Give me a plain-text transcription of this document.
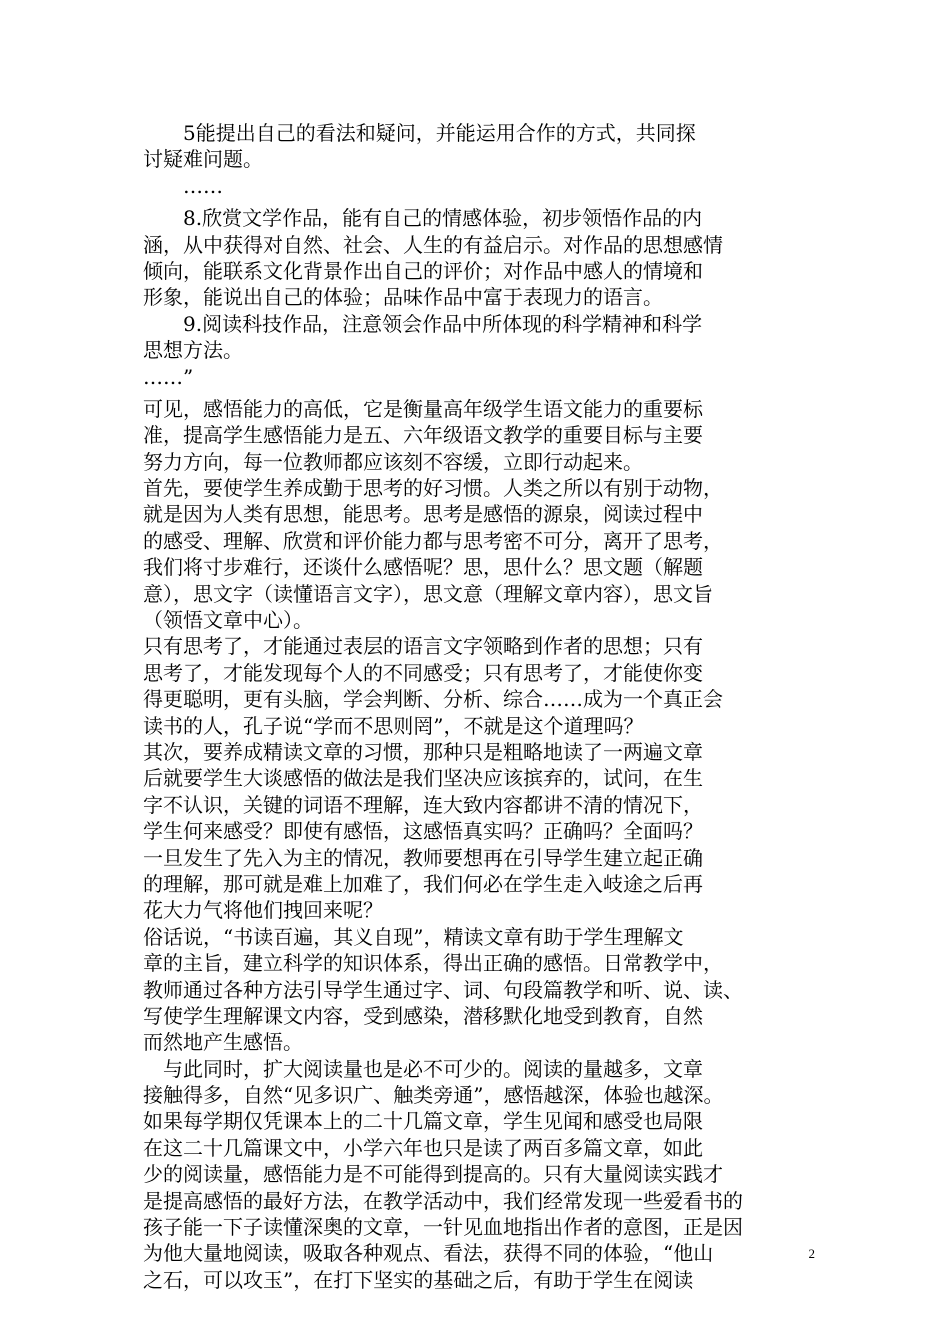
　　5能提出自己的看法和疑问，并能运用合作的方式，共同探
讨疑难问题。
　　……
　　8.欣赏文学作品，能有自己的情感体验，初步领悟作品的内
涵，从中获得对自然、社会、人生的有益启示。对作品的思想感情
倾向，能联系文化背景作出自己的评价；对作品中感人的情境和
形象，能说出自己的体验；品味作品中富于表现力的语言。
　　9.阅读科技作品，注意领会作品中所体现的科学精神和科学
思想方法。
……”
可见，感悟能力的高低，它是衡量高年级学生语文能力的重要标
准，提高学生感悟能力是五、六年级语文教学的重要目标与主要
努力方向，每一位教师都应该刻不容缓，立即行动起来。
首先，要使学生养成勤于思考的好习惯。人类之所以有别于动物，
就是因为人类有思想，能思考。思考是感悟的源泉，阅读过程中
的感受、理解、欣赏和评价能力都与思考密不可分，离开了思考，
我们将寸步难行，还谈什么感悟呢？思，思什么？思文题（解题
意），思文字（读懂语言文字），思文意（理解文章内容），思文旨
（领悟文章中心）。
只有思考了，才能通过表层的语言文字领略到作者的思想；只有
思考了，才能发现每个人的不同感受；只有思考了，才能使你变
得更聪明，更有头脑，学会判断、分析、综合……成为一个真正会
读书的人，孔子说“学而不思则罔”，不就是这个道理吗？
其次，要养成精读文章的习惯，那种只是粗略地读了一两遍文章
后就要学生大谈感悟的做法是我们坚决应该摈弃的，试问，在生
字不认识，关键的词语不理解，连大致内容都讲不清的情况下，
学生何来感受？即使有感悟，这感悟真实吗？正确吗？全面吗？
一旦发生了先入为主的情况，教师要想再在引导学生建立起正确
的理解，那可就是难上加难了，我们何必在学生走入岐途之后再
花大力气将他们拽回来呢？
俗话说，“书读百遍，其义自现”，精读文章有助于学生理解文
章的主旨，建立科学的知识体系，得出正确的感悟。日常教学中，
教师通过各种方法引导学生通过字、词、句段篇教学和听、说、读、
写使学生理解课文内容，受到感染，潜移默化地受到教育，自然
而然地产生感悟。
　与此同时，扩大阅读量也是必不可少的。阅读的量越多，文章
接触得多，自然“见多识广、触类旁通”，感悟越深，体验也越深。
如果每学期仅凭课本上的二十几篇文章，学生见闻和感受也局限
在这二十几篇课文中，小学六年也只是读了两百多篇文章，如此
少的阅读量，感悟能力是不可能得到提高的。只有大量阅读实践才
是提高感悟的最好方法，在教学活动中，我们经常发现一些爱看书的
孩子能一下子读懂深奥的文章，一针见血地指出作者的意图，正是因
为他大量地阅读，吸取各种观点、看法，获得不同的体验，“他山
之石，可以攻玉”，在打下坚实的基础之后，有助于学生在阅读
2
